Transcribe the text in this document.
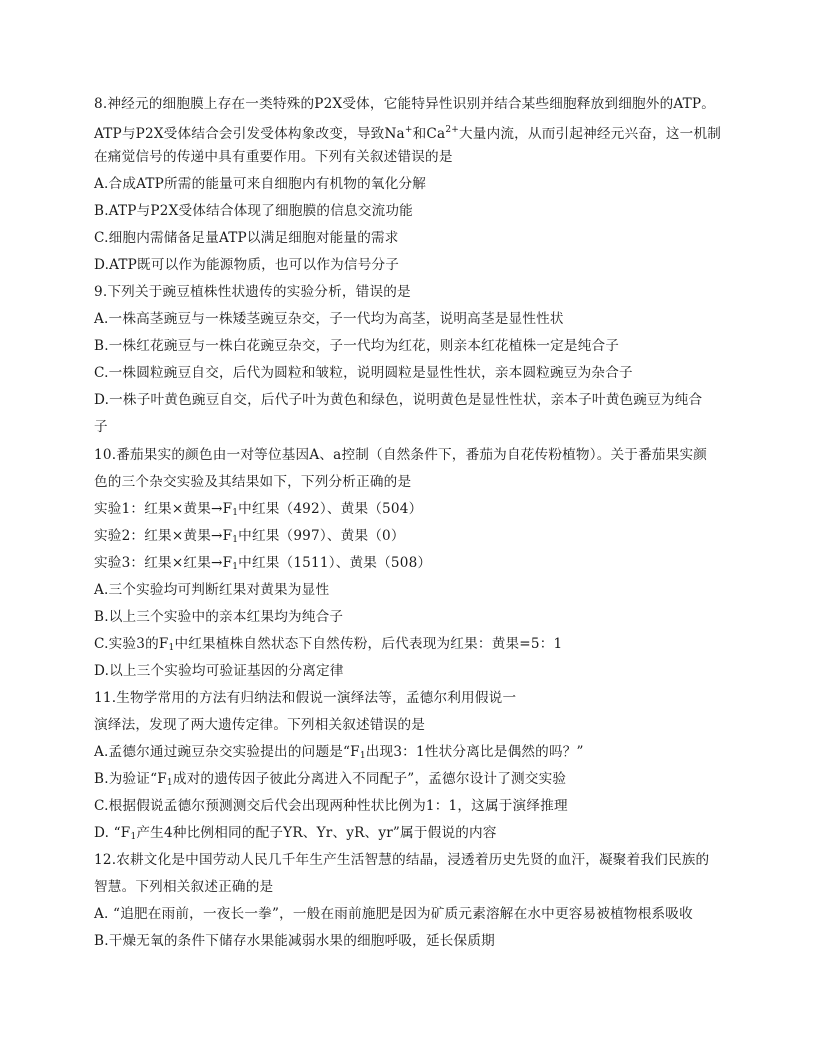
8.神经元的细胞膜上存在一类特殊的P2X受体，它能特异性识别并结合某些细胞释放到细胞外的ATP。
ATP与P2X受体结合会引发受体构象改变，导致Na+和$Ca^{2+}$大量内流，从而引起神经元兴奋，这一机制
在痛觉信号的传递中具有重要作用。下列有关叙述错误的是
A.合成ATP所需的能量可来自细胞内有机物的氧化分解
B.ATP与P2X受体结合体现了细胞膜的信息交流功能
C.细胞内需储备足量ATP以满足细胞对能量的需求
D.ATP既可以作为能源物质，也可以作为信号分子
9.下列关于豌豆植株性状遗传的实验分析，错误的是
A.一株高茎豌豆与一株矮茎豌豆杂交，子一代均为高茎，说明高茎是显性性状
B.一株红花豌豆与一株白花豌豆杂交，子一代均为红花，则亲本红花植株一定是纯合子
C.一株圆粒豌豆自交，后代为圆粒和皱粒，说明圆粒是显性性状，亲本圆粒豌豆为杂合子
D.一株子叶黄色豌豆自交，后代子叶为黄色和绿色，说明黄色是显性性状，亲本子叶黄色豌豆为纯合
子
10.番茄果实的颜色由一对等位基因A、a控制（自然条件下，番茄为自花传粉植物）。关于番茄果实颜
色的三个杂交实验及其结果如下，下列分析正确的是
实验1：红果×黄果$\to F_1$中红果（492）、黄果（504）
实验2：红果×黄果$\to F_1$中红果（997）、黄果（0）
实验3：红果×红果$\to F_1$中红果（1511）、黄果（508）
A.三个实验均可判断红果对黄果为显性
B.以上三个实验中的亲本红果均为纯合子
C.实验3的$F_1$中红果植株自然状态下自然传粉，后代表现为红果：黄果=5：1
D.以上三个实验均可验证基因的分离定律
11.生物学常用的方法有归纳法和假说一演绎法等，孟德尔利用假说一
演绎法，发现了两大遗传定律。下列相关叙述错误的是
A.孟德尔通过豌豆杂交实验提出的问题是“$F_1$出现3：1性状分离比是偶然的吗？”
B.为验证“$F_1$成对的遗传因子彼此分离进入不同配子”，孟德尔设计了测交实验
C.根据假说孟德尔预测测交后代会出现两种性状比例为1：1，这属于演绎推理
D. “$F_1$产生4种比例相同的配子YR、Yr、yR、yr”属于假说的内容
12.农耕文化是中国劳动人民几千年生产生活智慧的结晶，浸透着历史先贤的血汗，凝聚着我们民族的
智慧。下列相关叙述正确的是
A. “追肥在雨前，一夜长一拳”，一般在雨前施肥是因为矿质元素溶解在水中更容易被植物根系吸收
B.干燥无氧的条件下储存水果能减弱水果的细胞呼吸，延长保质期
